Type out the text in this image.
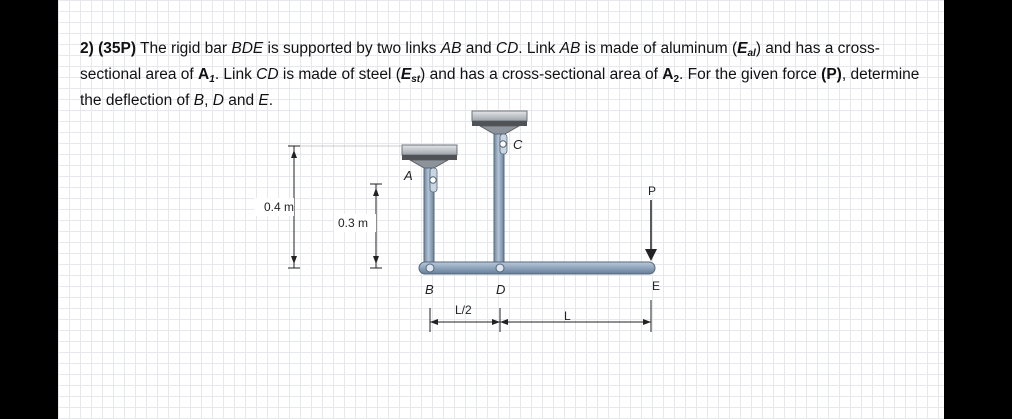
2) (35P) The rigid bar BDE is supported by two links AB and CD. Link AB is made of aluminum $(E_{al})$ and has a cross-sectional area of $A_1$. Link CD is made of steel $(E_{st})$ and has a cross-sectional area of $A_2$. For the given force (P), determine the deflection of B, D and E.
A
C
B	D	E
P
0.4 m
0.3 m
L/2	L
